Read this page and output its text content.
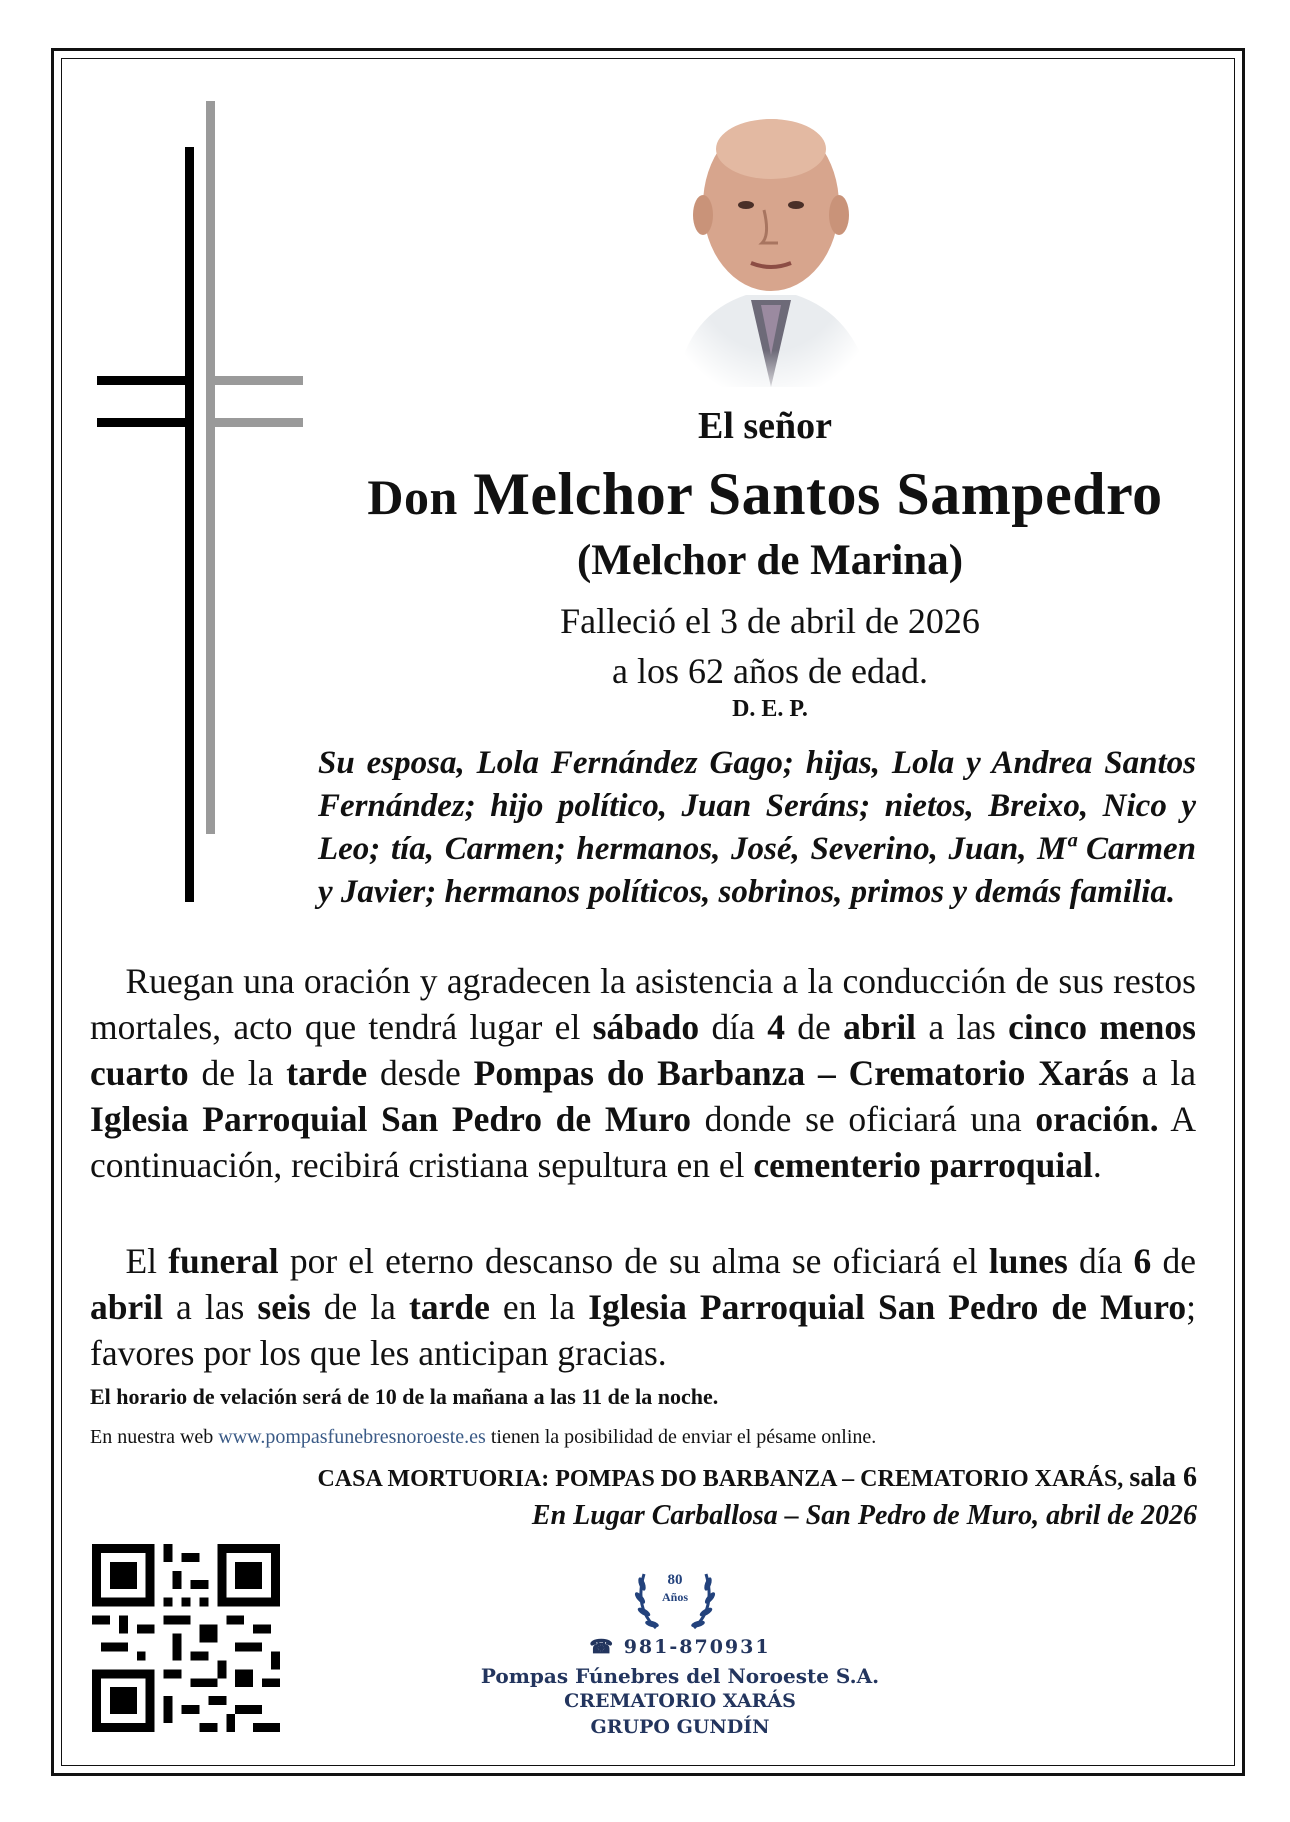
El señor
Don Melchor Santos Sampedro
(Melchor de Marina)
Falleció el 3 de abril de 2026
a los 62 años de edad.
D. E. P.
Su esposa, Lola Fernández Gago; hijas, Lola y Andrea Santos Fernández; hijo político, Juan Seráns; nietos, Breixo, Nico y Leo; tía, Carmen; hermanos, José, Severino, Juan, Mª Carmen y Javier; hermanos políticos, sobrinos, primos y demás familia.
 Ruegan una oración y agradecen la asistencia a la conducción de sus restos mortales, acto que tendrá lugar el sábado día 4 de abril a las cinco menos cuarto de la tarde desde Pompas do Barbanza – Crematorio Xarás a la Iglesia Parroquial San Pedro de Muro donde se oficiará una oración. A continuación, recibirá cristiana sepultura en el cementerio parroquial.
 El funeral por el eterno descanso de su alma se oficiará el lunes día 6 de abril a las seis de la tarde en la Iglesia Parroquial San Pedro de Muro; favores por los que les anticipan gracias.
El horario de velación será de 10 de la mañana a las 11 de la noche.
En nuestra web www.pompasfunebresnoroeste.es tienen la posibilidad de enviar el pésame online.
CASA MORTUORIA: POMPAS DO BARBANZA – CREMATORIO XARÁS, sala 6
En Lugar Carballosa – San Pedro de Muro, abril de 2026
80
Años
☎ 981-870931
Pompas Fúnebres del Noroeste S.A.
CREMATORIO XARÁS
GRUPO GUNDÍN
